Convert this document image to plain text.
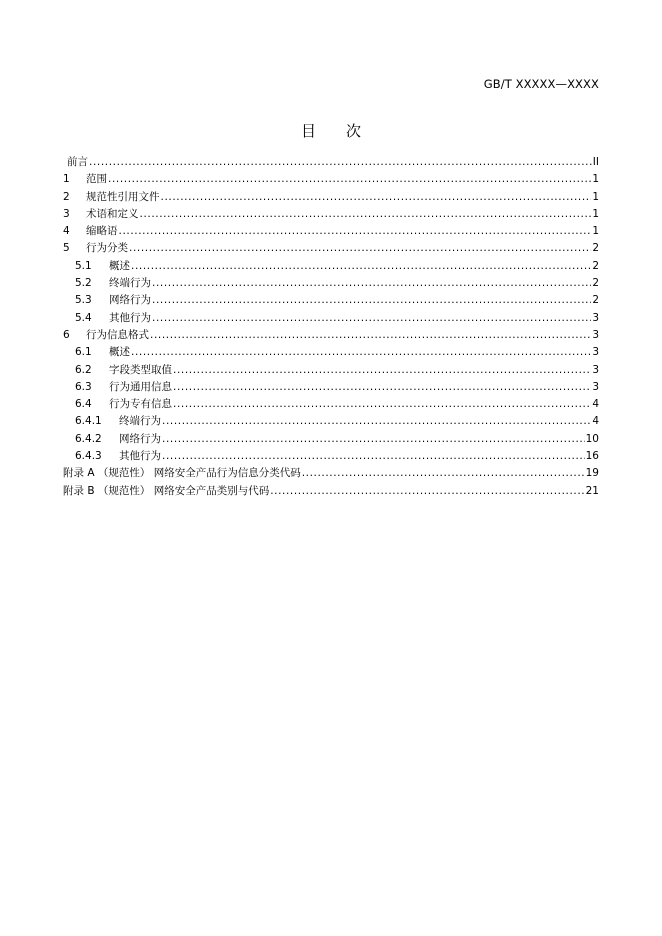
GB/T XXXXX—XXXX
目　　次
前言 .....	II
1	范围 .....	1
2	规范性引用文件 .....	1
3	术语和定义 .....	1
4	缩略语 .....	1
5	行为分类 .....	2
5.1	概述 .....	2
5.2	终端行为 .....	2
5.3	网络行为 .....	2
5.4	其他行为 .....	3
6	行为信息格式 .....	3
6.1	概述 .....	3
6.2	字段类型取值 .....	3
6.3	行为通用信息 .....	3
6.4	行为专有信息 .....	4
6.4.1	终端行为 .....	4
6.4.2	网络行为 .....	10
6.4.3	其他行为 .....	16
附录 A （规范性） 网络安全产品行为信息分类代码 .....	19
附录 B （规范性） 网络安全产品类别与代码 .....	21
